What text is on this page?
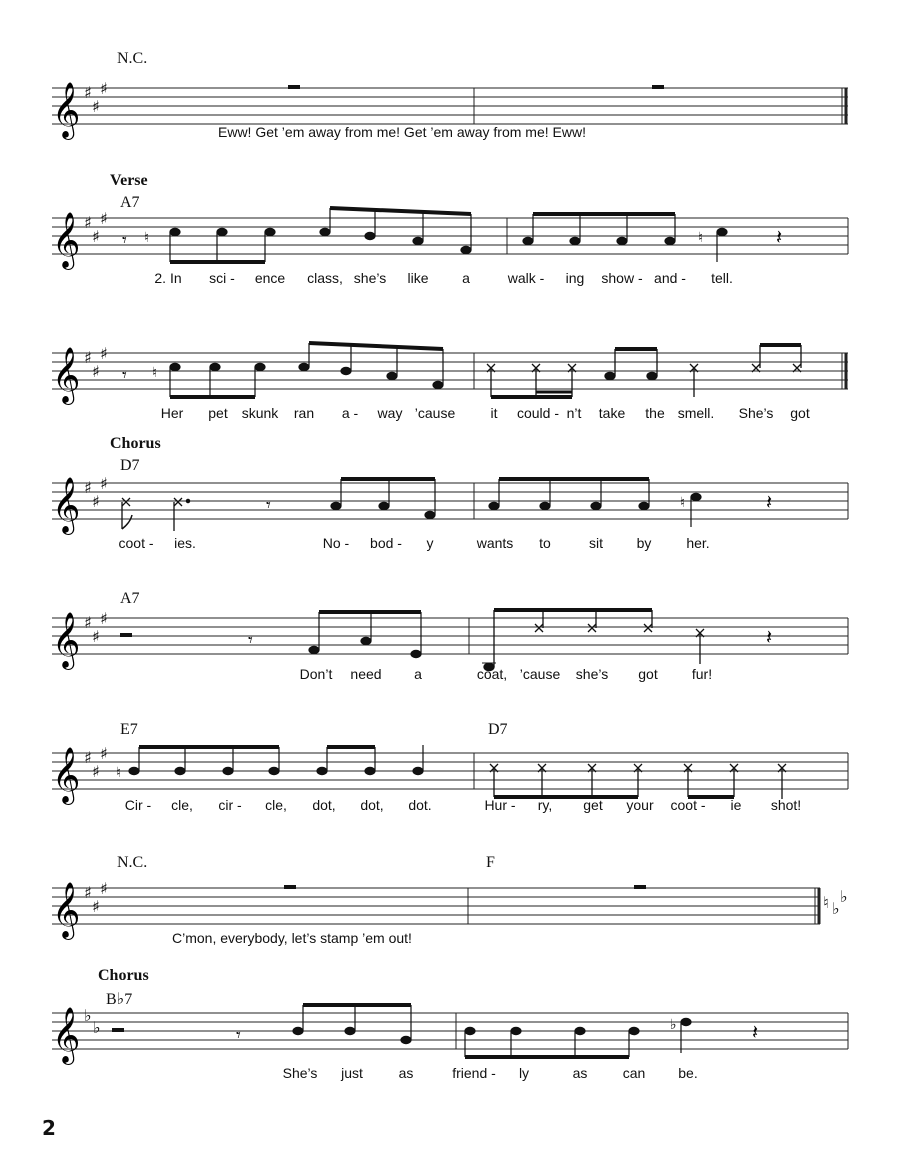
𝄞 ♯
♯
♯
N.C.
Eww! Get ’em away from me! Get ’em away from me! Eww!
𝄞 ♯
♯
♯
𝄾 ♮	♮	𝄽
Verse
A7
2. In sci - ence class, she’s like a	walk - ing show - and - tell.
𝄞 ♯
♯
♯
𝄾 ♮
Her pet skunk ran a - way ’cause	it could - n’t take the smell. She’s got
𝄞 ♯
♯
♯
𝄾	♮	𝄽
Chorus
D7
coot - ies.	No - bod - y	wants to	sit by her.
𝄞 ♯
♯
♯
𝄾	𝄽
A7
Don’t need a	coat, ’cause she’s got fur!
𝄞 ♯
♯
♯
♮
E7	D7
Cir - cle, cir - cle, dot, dot, dot.	Hur - ry, get your coot - ie shot!
𝄞 ♯
♯
♯
♮ ♭
♭
N.C.	F
C’mon, everybody, let’s stamp ’em out!
𝄞 ♭
♭	𝄾	♭	𝄽
Chorus
B♭7
She’s just	as	friend - ly	as	can be.
2
